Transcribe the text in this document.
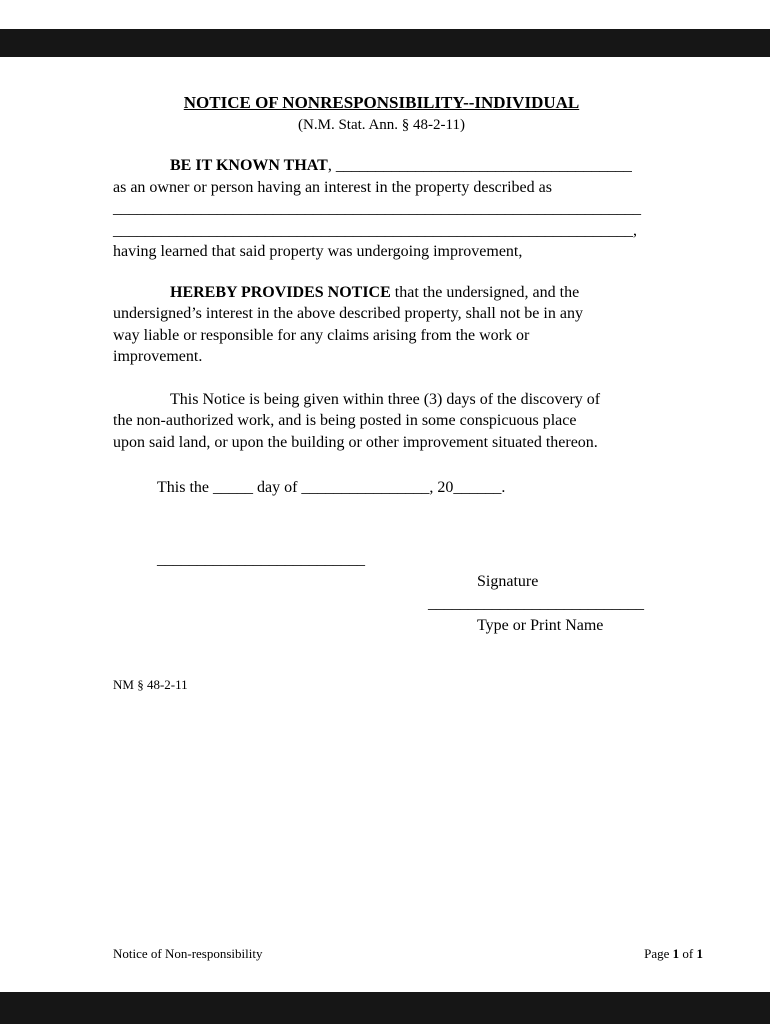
NOTICE OF NONRESPONSIBILITY--INDIVIDUAL
(N.M. Stat. Ann. § 48-2-11)
BE IT KNOWN THAT, _____________________________________
as an owner or person having an interest in the property described as
__________________________________________________________________
_________________________________________________________________,
having learned that said property was undergoing improvement,
HEREBY PROVIDES NOTICE that the undersigned, and the
undersigned’s interest in the above described property, shall not be in any
way liable or responsible for any claims arising from the work or
improvement.
This Notice is being given within three (3) days of the discovery of
the non-authorized work, and is being posted in some conspicuous place
upon said land, or upon the building or other improvement situated thereon.
This the _____ day of ________________, 20______.
__________________________
Signature
___________________________
Type or Print Name
NM § 48-2-11
Notice of Non-responsibility	Page 1 of 1
